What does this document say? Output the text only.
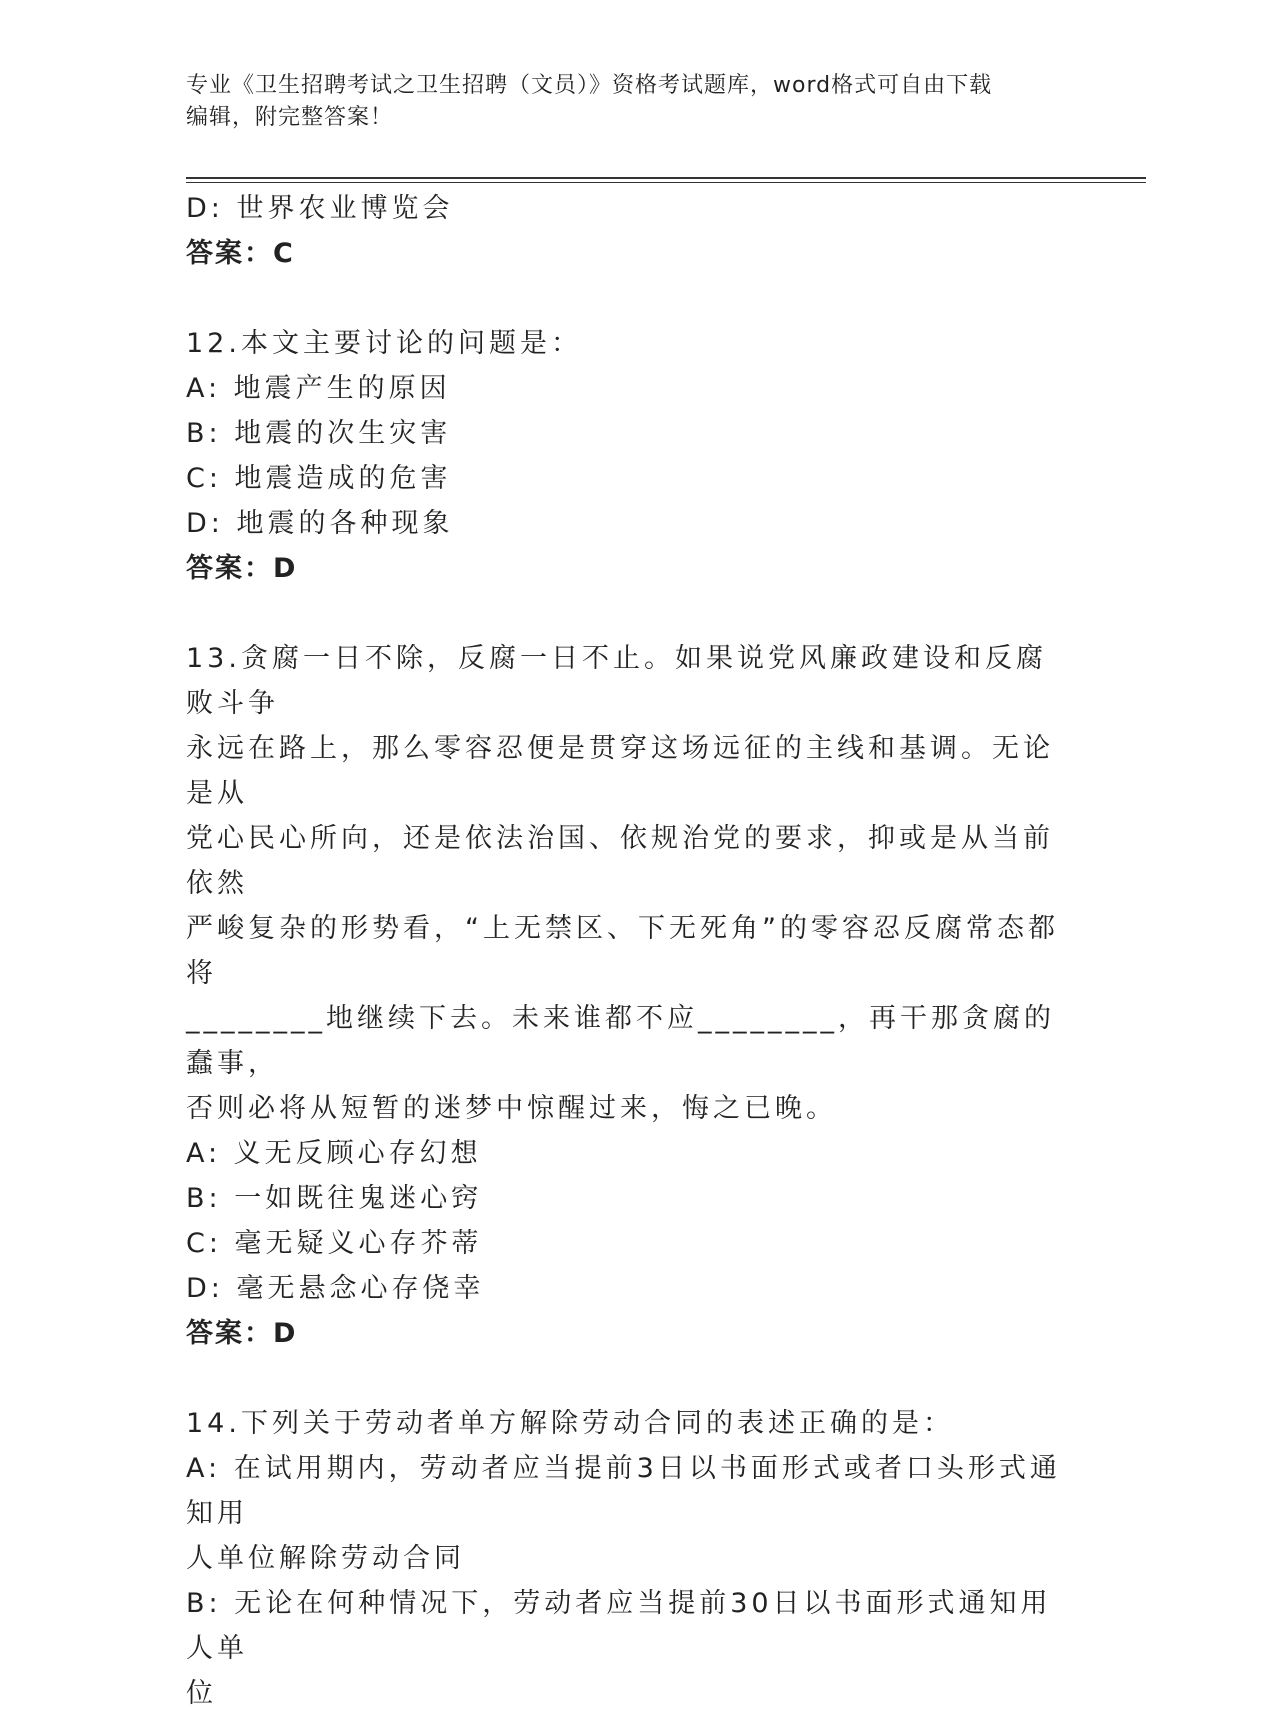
专业《卫生招聘考试之卫生招聘（文员）》资格考试题库，word格式可自由下载

编辑，附完整答案！

D: 世界农业博览会

答案：C

12.本文主要讨论的问题是：

A: 地震产生的原因

B: 地震的次生灾害

C: 地震造成的危害

D: 地震的各种现象

答案：D

13.贪腐一日不除，反腐一日不止。如果说党风廉政建设和反腐败斗争

永远在路上，那么零容忍便是贯穿这场远征的主线和基调。无论是从

党心民心所向，还是依法治国、依规治党的要求，抑或是从当前依然

严峻复杂的形势看，“上无禁区、下无死角”的零容忍反腐常态都将

________地继续下去。未来谁都不应________，再干那贪腐的蠢事，

否则必将从短暂的迷梦中惊醒过来，悔之已晚。

A: 义无反顾心存幻想

B: 一如既往鬼迷心窍

C: 毫无疑义心存芥蒂

D: 毫无悬念心存侥幸

答案：D

14.下列关于劳动者单方解除劳动合同的表述正确的是：

A: 在试用期内，劳动者应当提前3日以书面形式或者口头形式通知用

人单位解除劳动合同

B: 无论在何种情况下，劳动者应当提前30日以书面形式通知用人单

位
